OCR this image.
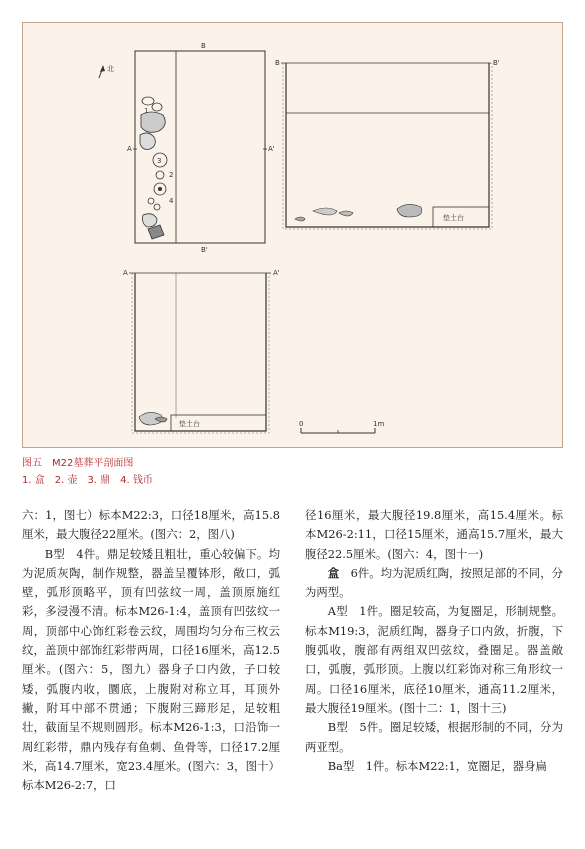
北
B
B'
A	A'
3
4
1
2
B	B'
垫土台
A	A'
垫土台	0	1m
图五　M22墓葬平剖面图
1. 盒　2. 壶　3. 鼎　4. 钱币

六：1，图七）标本M22:3，口径18厘米，高15.8厘米，最大腹径22厘米。(图六：2，图八)

B型　4件。鼎足较矮且粗壮，重心较偏下。均为泥质灰陶，制作规整，器盖呈覆钵形，敞口，弧壁，弧形顶略平，顶有凹弦纹一周，盖顶原施红彩，多浸漫不清。标本M26-1:4，盖顶有凹弦纹一周，顶部中心饰红彩卷云纹，周围均匀分布三枚云纹，盖顶中部饰红彩带两周，口径16厘米，高12.5厘米。(图六：5，图九）器身子口内敛，子口较矮，弧腹内收，圜底，上腹附对称立耳，耳顶外撇，附耳中部不贯通；下腹附三蹄形足，足较粗壮，截面呈不规则圆形。标本M26-1:3，口沿饰一周红彩带，鼎内残存有鱼刺、鱼骨等，口径17.2厘米，高14.7厘米，宽23.4厘米。(图六：3，图十）标本M26-2:7，口

径16厘米，最大腹径19.8厘米，高15.4厘米。标本M26-2:11，口径15厘米，通高15.7厘米，最大腹径22.5厘米。(图六：4，图十一)

盒　6件。均为泥质红陶，按照足部的不同，分为两型。

A型　1件。圈足较高，为复圈足，形制规整。标本M19:3，泥质红陶，器身子口内敛，折腹，下腹弧收，腹部有两组双凹弦纹，叠圈足。器盖敞口，弧腹，弧形顶。上腹以红彩饰对称三角形纹一周。口径16厘米，底径10厘米，通高11.2厘米，最大腹径19厘米。(图十二：1，图十三)

B型　5件。圈足较矮，根据形制的不同，分为两亚型。

Ba型　1件。标本M22:1，宽圈足，器身扁
